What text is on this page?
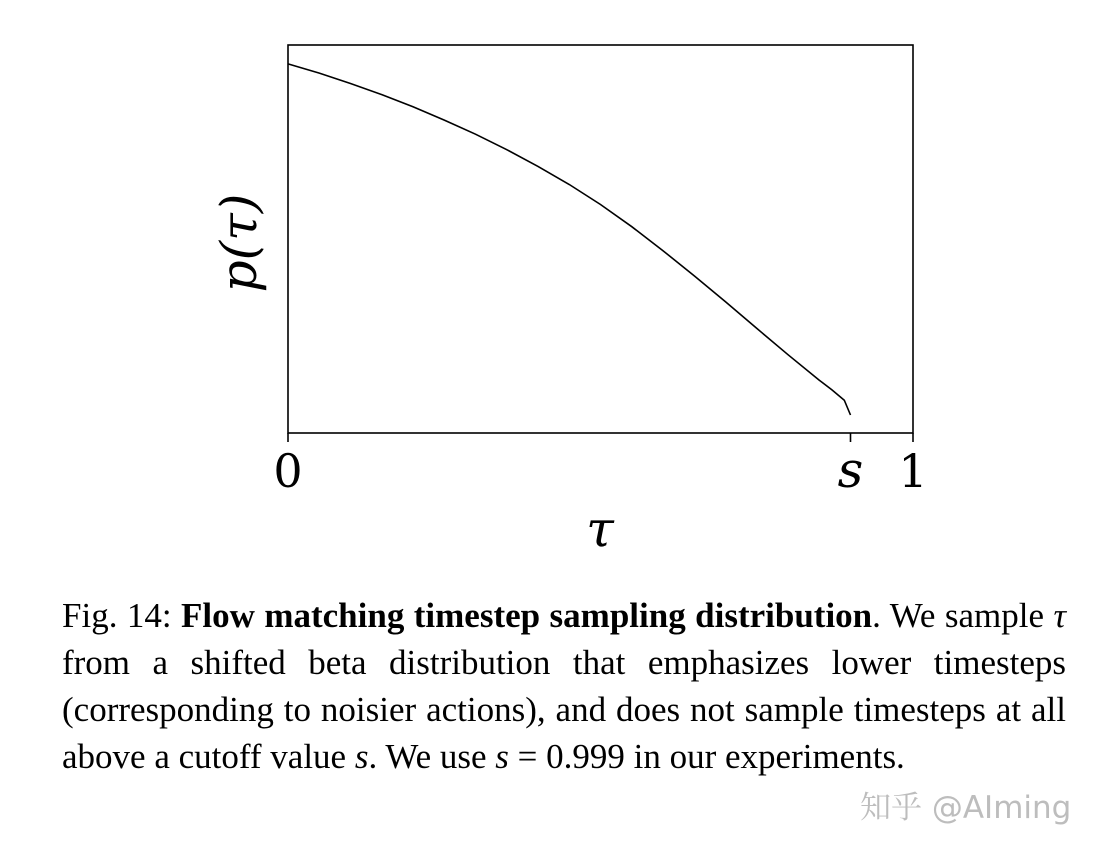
0	s 1
p(τ)
τ
Fig. 14: Flow matching timestep sampling distribution. We sample τ from a shifted beta distribution that emphasizes lower timesteps (corresponding to noisier actions), and does not sample timesteps at all above a cutoff value s. We use s = 0.999 in our experiments.
知乎 @AIming
